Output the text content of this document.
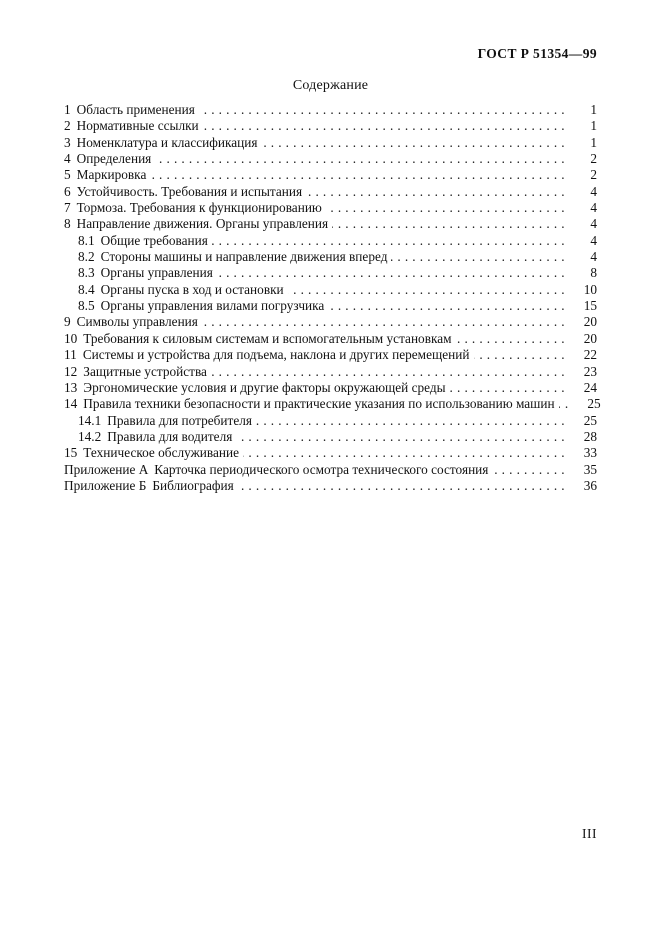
ГОСТ Р 51354—99
Содержание
1 Область применения . . .	1
2 Нормативные ссылки . . .	1
3 Номенклатура и классификация . . .	1
4 Определения . . .	2
5 Маркировка . . .	2
6 Устойчивость. Требования и испытания . . .	4
7 Тормоза. Требования к функционированию . . .	4
8 Направление движения. Органы управления . . .	4
8.1 Общие требования . . .	4
8.2 Стороны машины и направление движения вперед . . .	4
8.3 Органы управления . . .	8
8.4 Органы пуска в ход и остановки . . .	10
8.5 Органы управления вилами погрузчика . . .	15
9 Символы управления . . .	20
10 Требования к силовым системам и вспомогательным установкам . . .	20
11 Системы и устройства для подъема, наклона и других перемещений . . .	22
12 Защитные устройства . . .	23
13 Эргономические условия и другие факторы окружающей среды . . .	24
14 Правила техники безопасности и практические указания по использованию машин . . .	25
14.1 Правила для потребителя . . .	25
14.2 Правила для водителя . . .	28
15 Техническое обслуживание . . .	33
Приложение А Карточка периодического осмотра технического состояния . . .	35
Приложение Б Библиография . . .	36
III
